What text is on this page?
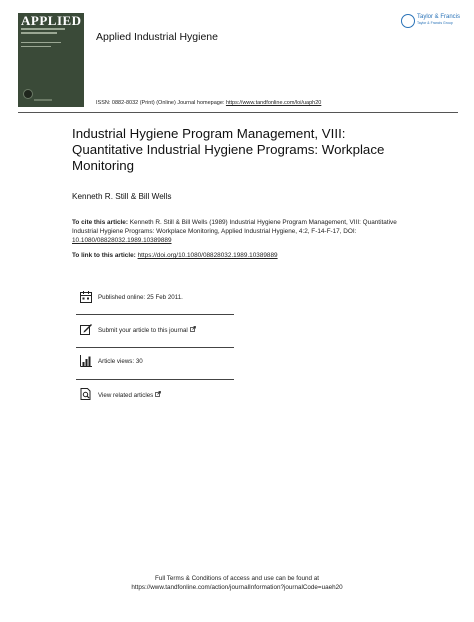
APPLIED
Applied Industrial Hygiene
Taylor & Francis
Taylor & Francis Group
ISSN: 0882-8032 (Print) (Online) Journal homepage: https://www.tandfonline.com/loi/uaph20
Industrial Hygiene Program Management, VIII: Quantitative Industrial Hygiene Programs: Workplace Monitoring
Kenneth R. Still & Bill Wells
To cite this article: Kenneth R. Still & Bill Wells (1989) Industrial Hygiene Program Management, VIII: Quantitative Industrial Hygiene Programs: Workplace Monitoring, Applied Industrial Hygiene, 4:2, F-14-F-17, DOI: 10.1080/08828032.1989.10389889
To link to this article: https://doi.org/10.1080/08828032.1989.10389889
Published online: 25 Feb 2011.
Submit your article to this journal
Article views: 30
View related articles
Full Terms & Conditions of access and use can be found at
https://www.tandfonline.com/action/journalInformation?journalCode=uaeh20
